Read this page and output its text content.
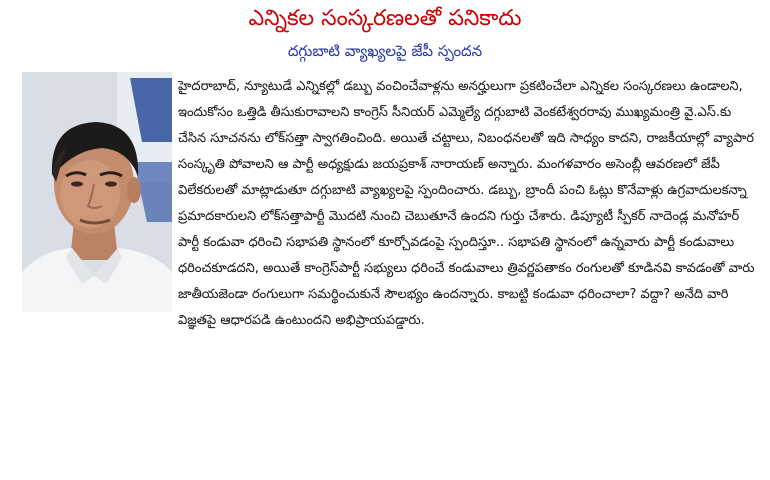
ఎన్నికల సంస్కరణలతో పనికాదు
దగ్గుబాటి వ్యాఖ్యలపై జేపీ స్పందన
హైదరాబాద్, న్యూటుడే ఎన్నికల్లో డబ్బు వంచించేవాళ్లను అనర్హులుగా ప్రకటించేలా ఎన్నికల సంస్కరణలు ఉండాలని, ఇందుకోసం ఒత్తిడి తీసుకురావాలని కాంగ్రెస్ సీనియర్ ఎమ్మెల్యే దగ్గుబాటి వెంకటేశ్వరరావు ముఖ్యమంత్రి వై.ఎస్.కు చేసిన సూచనను లోక్‌సత్తా స్వాగతించింది. అయితే చట్టాలు, నిబంధనలతో ఇది సాధ్యం కాదని, రాజకీయాల్లో వ్యాపార సంస్కృతి పోవాలని ఆ పార్టీ అధ్యక్షుడు జయప్రకాశ్ నారాయణ్ అన్నారు. మంగళవారం అసెంబ్లీ ఆవరణలో జేపీ విలేకరులతో మాట్లాడుతూ దగ్గుబాటి వ్యాఖ్యలపై స్పందించారు. డబ్బు, బ్రాందీ పంచి ఓట్లు కొనేవాళ్లు ఉగ్రవాదులకన్నా ప్రమాదకారులని లోక్‌సత్తాపార్టీ మొదటి నుంచి చెబుతూనే ఉందని గుర్తు చేశారు. డిప్యూటీ స్పీకర్ నాదెండ్ల మనోహర్ పార్టీ కండువా ధరించి సభాపతి స్థానంలో కూర్చోవడంపై స్పందిస్తూ.. సభాపతి స్థానంలో ఉన్నవారు పార్టీ కండువాలు ధరించకూడదని, అయితే కాంగ్రెస్‌పార్టీ సభ్యులు ధరించే కండువాలు త్రివర్ణపతాకం రంగులతో కూడినవి కావడంతో వారు జాతీయజెండా రంగులుగా సమర్థించుకునే సౌలభ్యం ఉందన్నారు. కాబట్టి కండువా ధరించాలా? వద్దా? అనేది వారి విజ్ఞతపై ఆధారపడి ఉంటుందని అభిప్రాయపడ్డారు.
